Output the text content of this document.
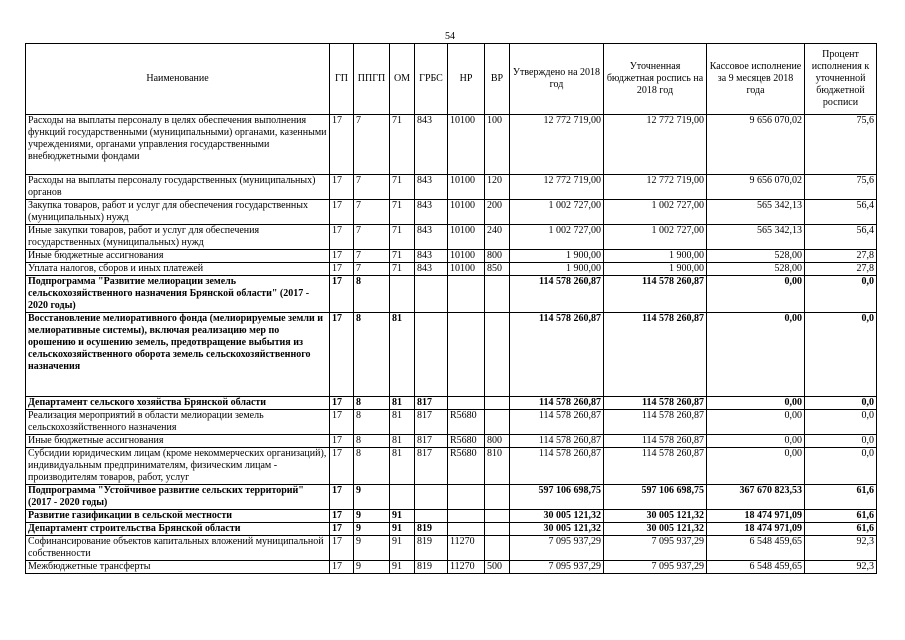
54
Наименование	ГП	ППГП	ОМ	ГРБС	НР	ВР	Утверждено на 2018 год	Уточненная бюджетная роспись на 2018 год	Кассовое исполнение за 9 месяцев 2018 года	Процент исполнения к уточненной бюджетной росписи
Расходы на выплаты персоналу в целях обеспечения выполнения функций государственными (муниципальными) органами, казенными учреждениями, органами управления государственными внебюджетными фондами	17	7	71	843	10100	100	12 772 719,00	12 772 719,00	9 656 070,02	75,6
Расходы на выплаты персоналу государственных (муниципальных) органов	17	7	71	843	10100	120	12 772 719,00	12 772 719,00	9 656 070,02	75,6
Закупка товаров, работ и услуг для обеспечения государственных (муниципальных) нужд	17	7	71	843	10100	200	1 002 727,00	1 002 727,00	565 342,13	56,4
Иные закупки товаров, работ и услуг для обеспечения государственных (муниципальных) нужд	17	7	71	843	10100	240	1 002 727,00	1 002 727,00	565 342,13	56,4
Иные бюджетные ассигнования	17	7	71	843	10100	800	1 900,00	1 900,00	528,00	27,8
Уплата налогов, сборов и иных платежей	17	7	71	843	10100	850	1 900,00	1 900,00	528,00	27,8
Подпрограмма "Развитие мелиорации земель сельскохозяйственного назначения Брянской области" (2017 - 2020 годы)	17	8					114 578 260,87	114 578 260,87	0,00	0,0
Восстановление мелиоративного фонда (мелиорируемые земли и мелиоративные системы), включая реализацию мер по орошению и осушению земель, предотвращение выбытия из сельскохозяйственного оборота земель сельскохозяйственного назначения	17	8	81				114 578 260,87	114 578 260,87	0,00	0,0
Департамент сельского хозяйства Брянской области	17	8	81	817			114 578 260,87	114 578 260,87	0,00	0,0
Реализация мероприятий в области мелиорации земель сельскохозяйственного назначения	17	8	81	817	R5680		114 578 260,87	114 578 260,87	0,00	0,0
Иные бюджетные ассигнования	17	8	81	817	R5680	800	114 578 260,87	114 578 260,87	0,00	0,0
Субсидии юридическим лицам (кроме некоммерческих организаций), индивидуальным предпринимателям, физическим лицам - производителям товаров, работ, услуг	17	8	81	817	R5680	810	114 578 260,87	114 578 260,87	0,00	0,0
Подпрограмма "Устойчивое развитие сельских территорий" (2017 - 2020 годы)	17	9					597 106 698,75	597 106 698,75	367 670 823,53	61,6
Развитие газификации в сельской местности	17	9	91				30 005 121,32	30 005 121,32	18 474 971,09	61,6
Департамент строительства Брянской области	17	9	91	819			30 005 121,32	30 005 121,32	18 474 971,09	61,6
Софинансирование объектов капитальных вложений муниципальной собственности	17	9	91	819	11270		7 095 937,29	7 095 937,29	6 548 459,65	92,3
Межбюджетные трансферты	17	9	91	819	11270	500	7 095 937,29	7 095 937,29	6 548 459,65	92,3
